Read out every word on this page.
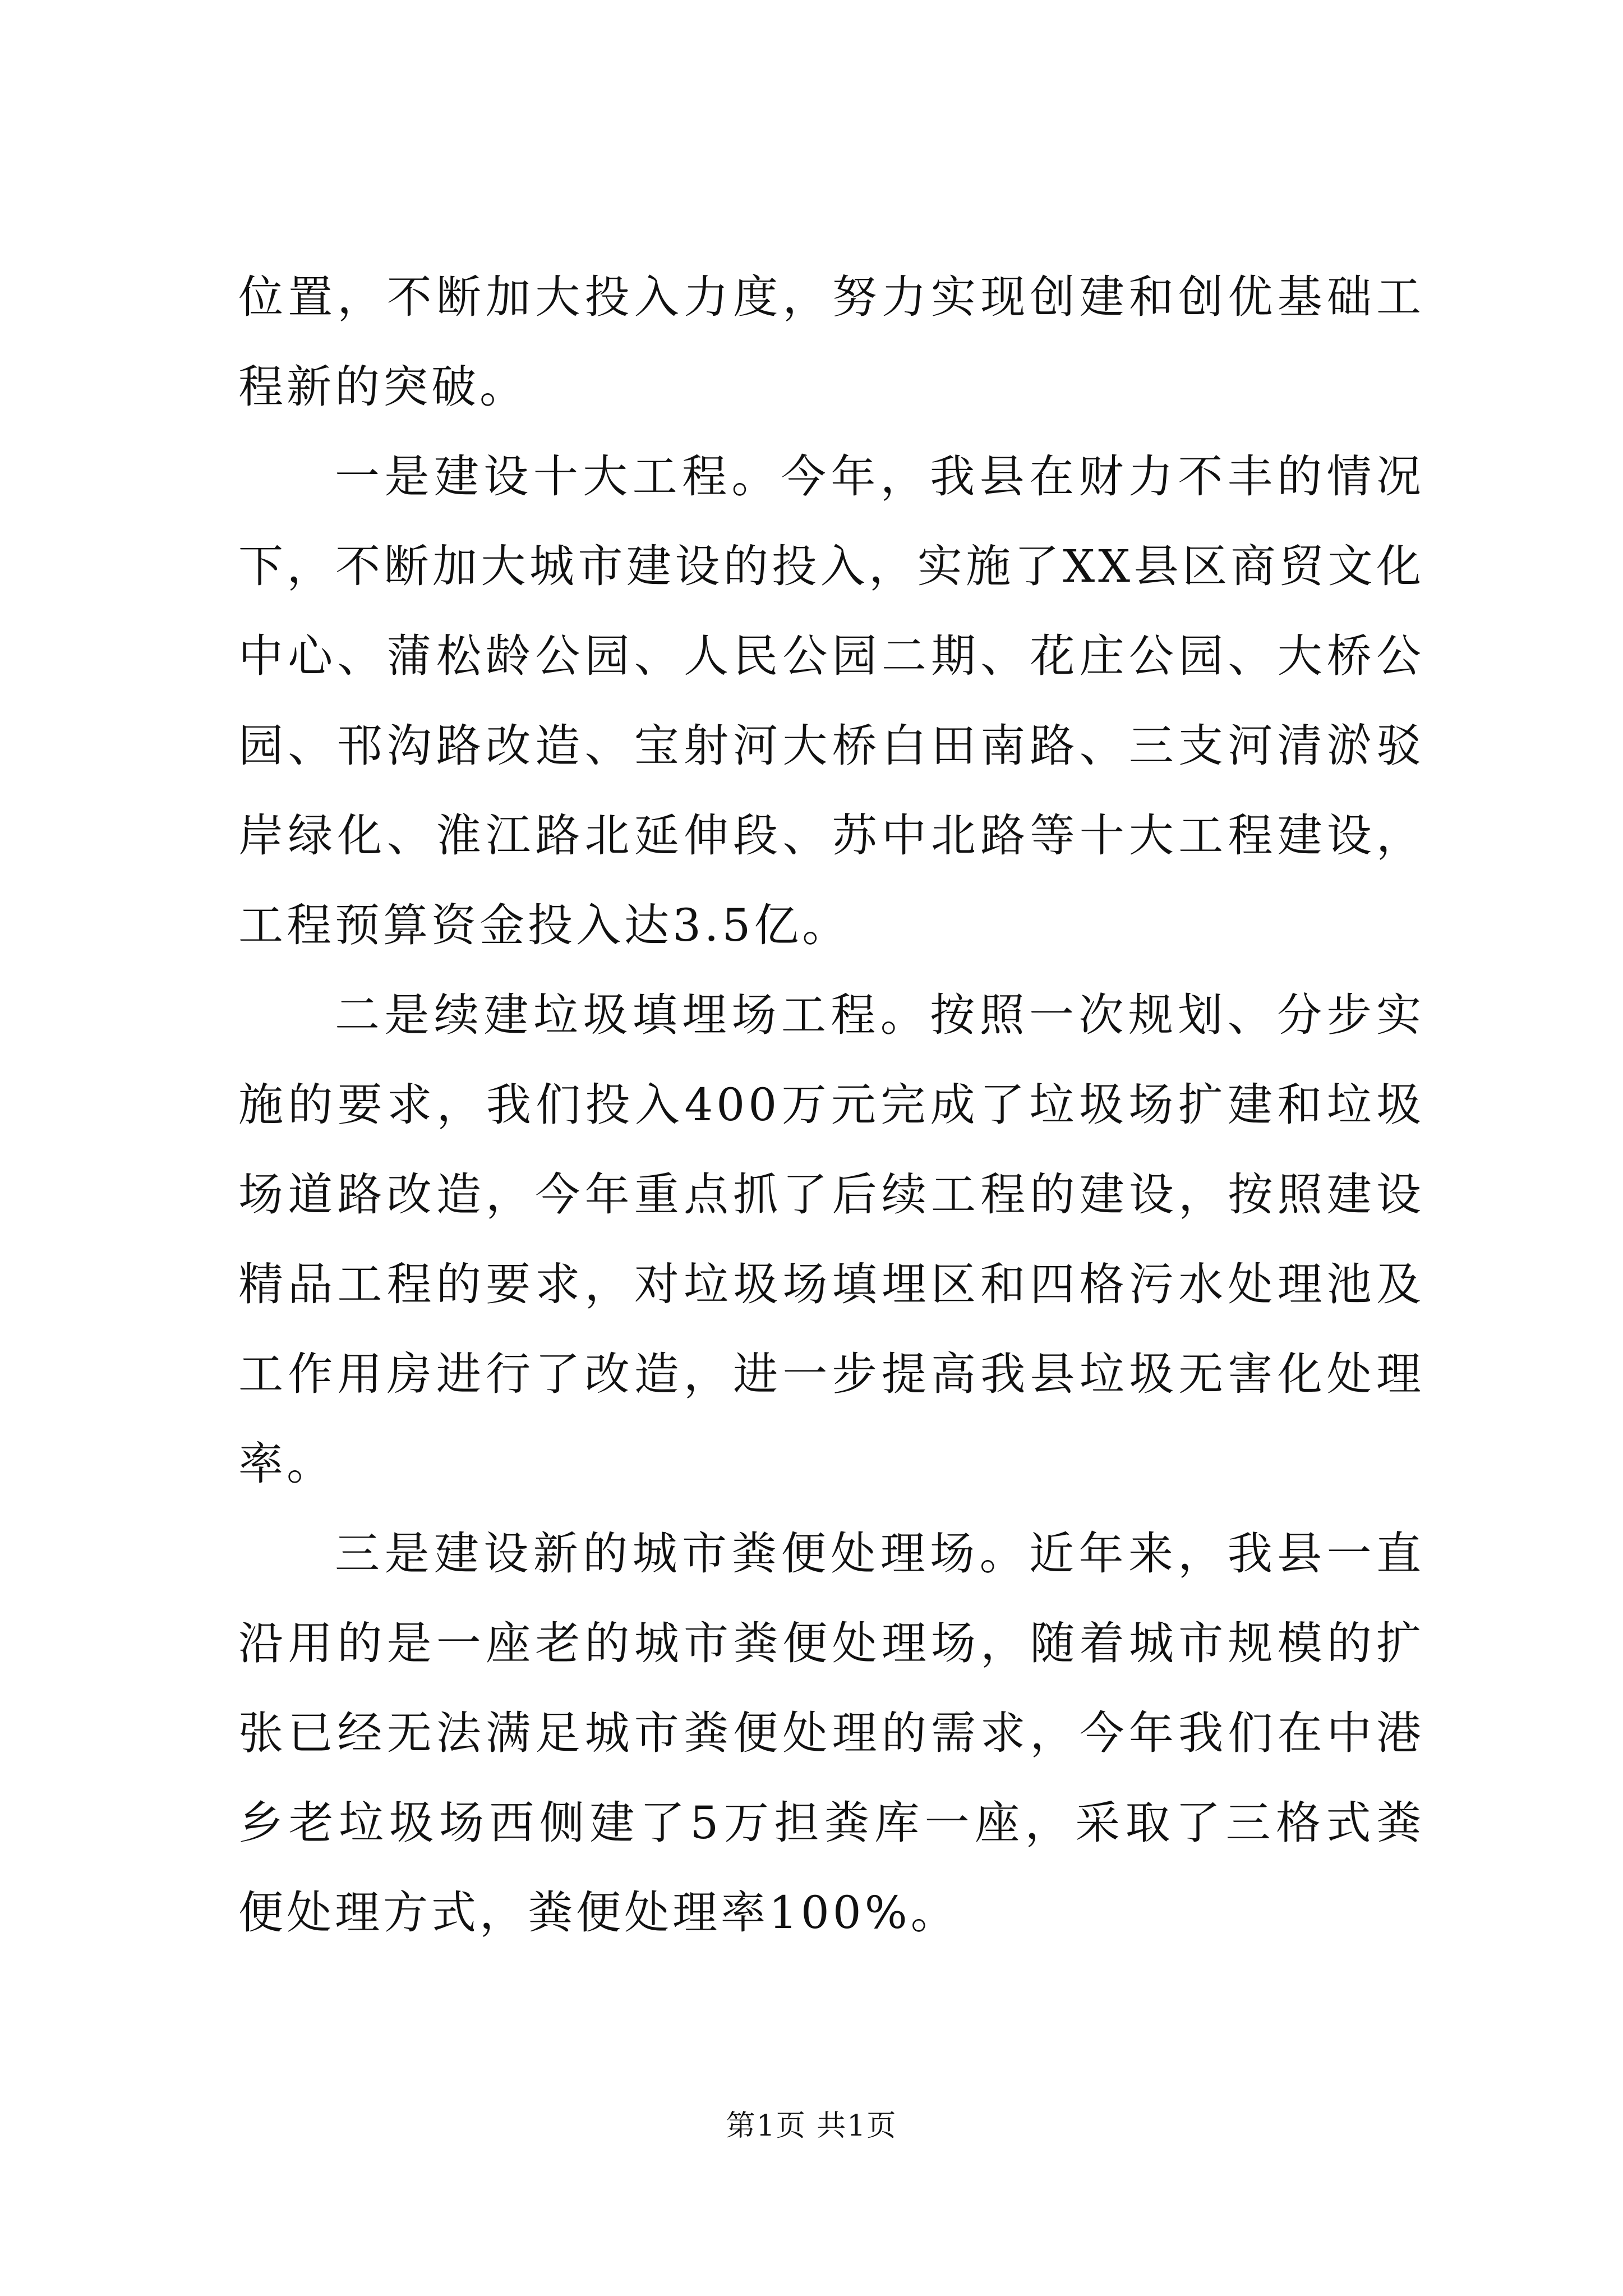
位置，不断加大投入力度，努力实现创建和创优基础工程新的突破。

一是建设十大工程。今年，我县在财力不丰的情况下，不断加大城市建设的投入，实施了XX县区商贸文化中心、蒲松龄公园、人民公园二期、花庄公园、大桥公园、邗沟路改造、宝射河大桥白田南路、三支河清淤驳岸绿化、淮江路北延伸段、苏中北路等十大工程建设，工程预算资金投入达3.5亿。

二是续建垃圾填埋场工程。按照一次规划、分步实施的要求，我们投入400万元完成了垃圾场扩建和垃圾场道路改造，今年重点抓了后续工程的建设，按照建设精品工程的要求，对垃圾场填埋区和四格污水处理池及工作用房进行了改造，进一步提高我县垃圾无害化处理率。

三是建设新的城市粪便处理场。近年来，我县一直沿用的是一座老的城市粪便处理场，随着城市规模的扩张已经无法满足城市粪便处理的需求，今年我们在中港乡老垃圾场西侧建了5万担粪库一座，采取了三格式粪便处理方式，粪便处理率100%。

第1页 共1页
